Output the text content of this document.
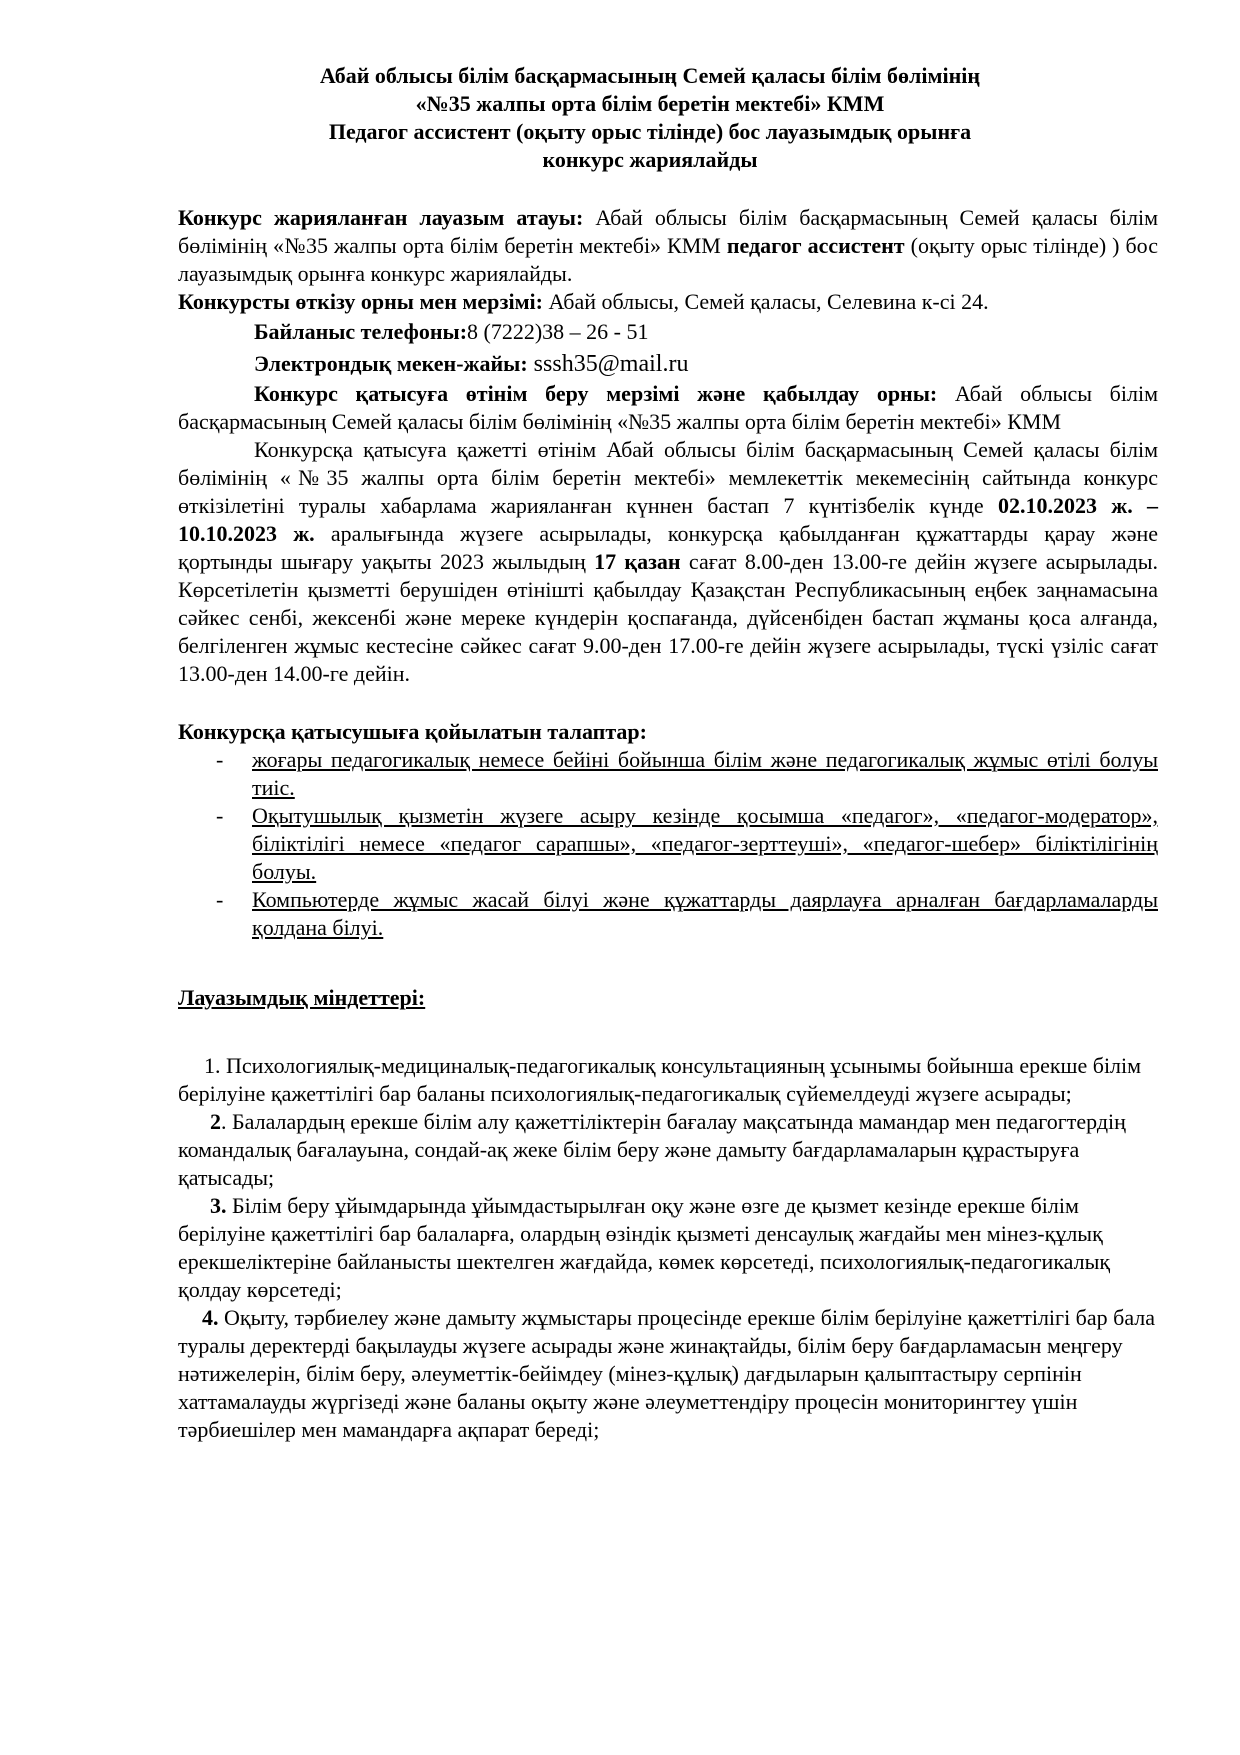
Абай облысы білім басқармасының Семей қаласы білім бөлімінің
«№35 жалпы орта білім беретін мектебі» КММ
Педагог ассистент (оқыту орыс тілінде) бос лауазымдық орынға
конкурс жариялайды

Конкурс жарияланған лауазым атауы: Абай облысы білім басқармасының Семей қаласы білім бөлімінің «№35 жалпы орта білім беретін мектебі» КММ педагог ассистент (оқыту орыс тілінде) ) бос лауазымдық орынға конкурс жариялайды.

Конкурсты өткізу орны мен мерзімі: Абай облысы, Семей қаласы, Селевина к-сі 24.

Байланыс телефоны:8 (7222)38 – 26 - 51

Электрондық мекен-жайы: sssh35@mail.ru

Конкурс қатысуға өтінім беру мерзімі және қабылдау орны: Абай облысы білім басқармасының Семей қаласы білім бөлімінің «№35 жалпы орта білім беретін мектебі» КММ

Конкурсқа қатысуға қажетті өтінім Абай облысы білім басқармасының Семей қаласы білім бөлімінің «№35 жалпы орта білім беретін мектебі» мемлекеттік мекемесінің сайтында конкурс өткізілетіні туралы хабарлама жарияланған күннен бастап 7 күнтізбелік күнде 02.10.2023 ж. – 10.10.2023 ж. аралығында жүзеге асырылады, конкурсқа қабылданған құжаттарды қарау және қортынды шығару уақыты 2023 жылыдың 17 қазан сағат 8.00-ден 13.00-ге дейін жүзеге асырылады. Көрсетілетін қызметті берушіден өтінішті қабылдау Қазақстан Республикасының еңбек заңнамасына сәйкес сенбі, жексенбі және мереке күндерін қоспағанда, дүйсенбіден бастап жұманы қоса алғанда, белгіленген жұмыс кестесіне сәйкес сағат 9.00-ден 17.00-ге дейін жүзеге асырылады, түскі үзіліс сағат 13.00-ден 14.00-ге дейін.

Конкурсқа қатысушыға қойылатын талаптар:

- жоғары педагогикалық немесе бейіні бойынша білім және педагогикалық жұмыс өтілі болуы тиіс.
- Оқытушылық қызметін жүзеге асыру кезінде қосымша «педагог», «педагог-модератор», біліктілігі немесе «педагог сарапшы», «педагог-зерттеуші», «педагог-шебер» біліктілігінің болуы.
- Компьютерде жұмыс жасай білуі және құжаттарды даярлауға арналған бағдарламаларды қолдана білуі.

Лауазымдық міндеттері:

1. Психологиялық-медициналық-педагогикалық консультацияның ұсынымы бойынша ерекше білім берілуіне қажеттілігі бар баланы психологиялық-педагогикалық сүйемелдеуді жүзеге асырады;

2. Балалардың ерекше білім алу қажеттіліктерін бағалау мақсатында мамандар мен педагогтердің командалық бағалауына, сондай-ақ жеке білім беру және дамыту бағдарламаларын құрастыруға қатысады;

3. Білім беру ұйымдарында ұйымдастырылған оқу және өзге де қызмет кезінде ерекше білім берілуіне қажеттілігі бар балаларға, олардың өзіндік қызметі денсаулық жағдайы мен мінез-құлық ерекшеліктеріне байланысты шектелген жағдайда, көмек көрсетеді, психологиялық-педагогикалық қолдау көрсетеді;

4. Оқыту, тәрбиелеу және дамыту жұмыстары процесінде ерекше білім берілуіне қажеттілігі бар бала туралы деректерді бақылауды жүзеге асырады және жинақтайды, білім беру бағдарламасын меңгеру нәтижелерін, білім беру, әлеуметтік-бейімдеу (мінез-құлық) дағдыларын қалыптастыру серпінін хаттамалауды жүргізеді және баланы оқыту және әлеуметтендіру процесін мониторингтеу үшін тәрбиешілер мен мамандарға ақпарат береді;
